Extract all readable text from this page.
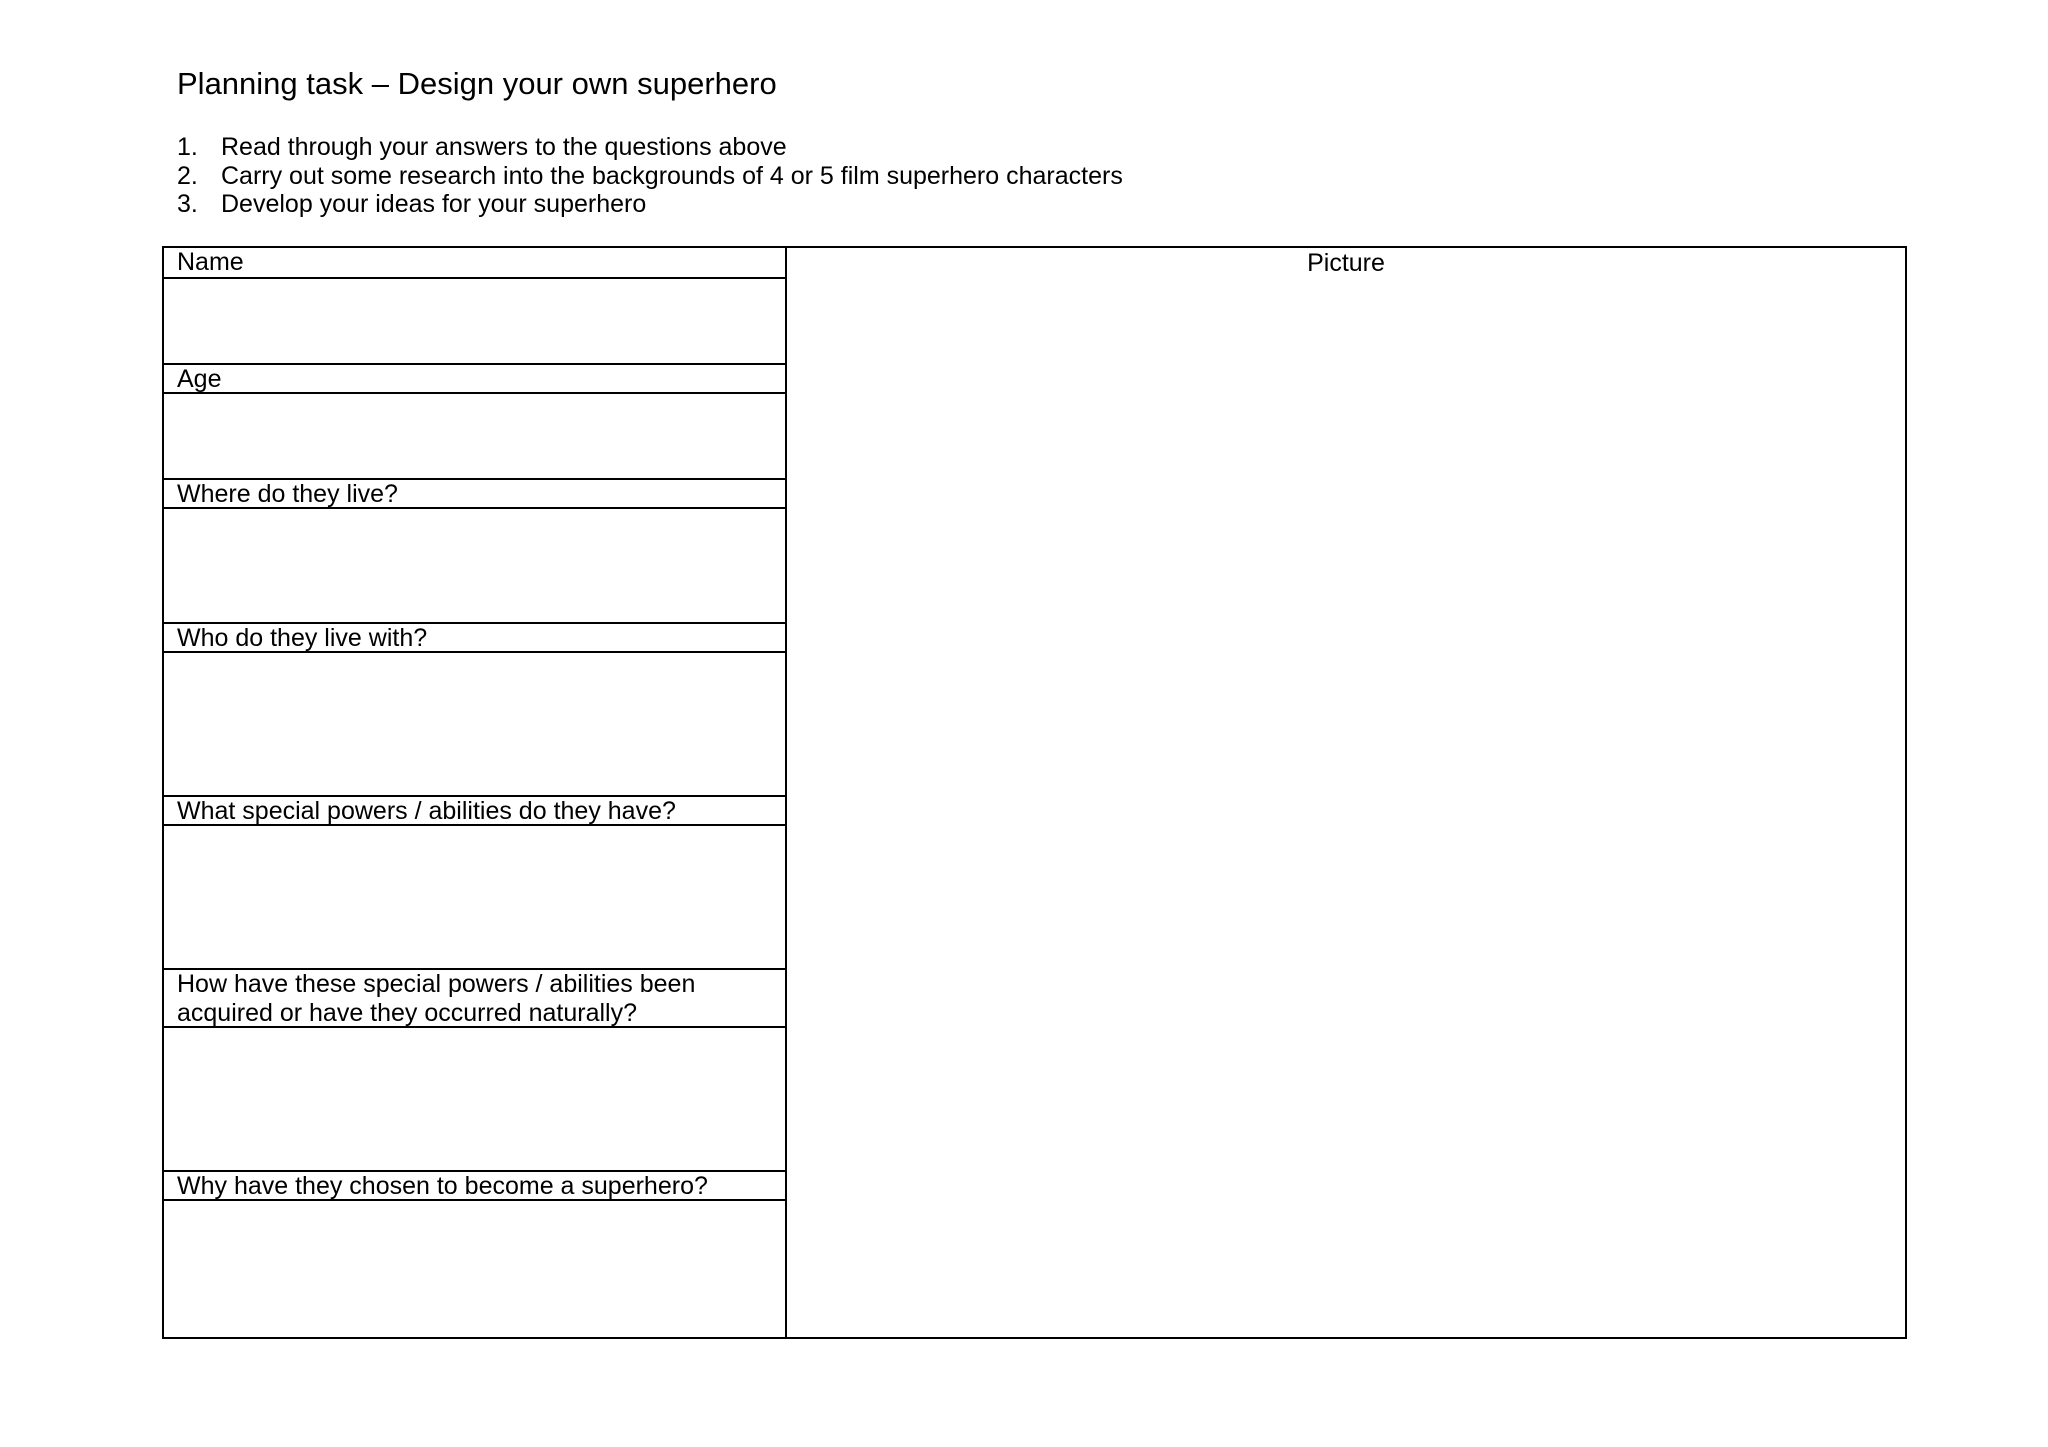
Planning task – Design your own superhero
1. Read through your answers to the questions above
2. Carry out some research into the backgrounds of 4 or 5 film superhero characters
3. Develop your ideas for your superhero
Name
Age
Where do they live?
Who do they live with?
What special powers / abilities do they have?
How have these special powers / abilities been
acquired or have they occurred naturally?
Why have they chosen to become a superhero?
Picture
